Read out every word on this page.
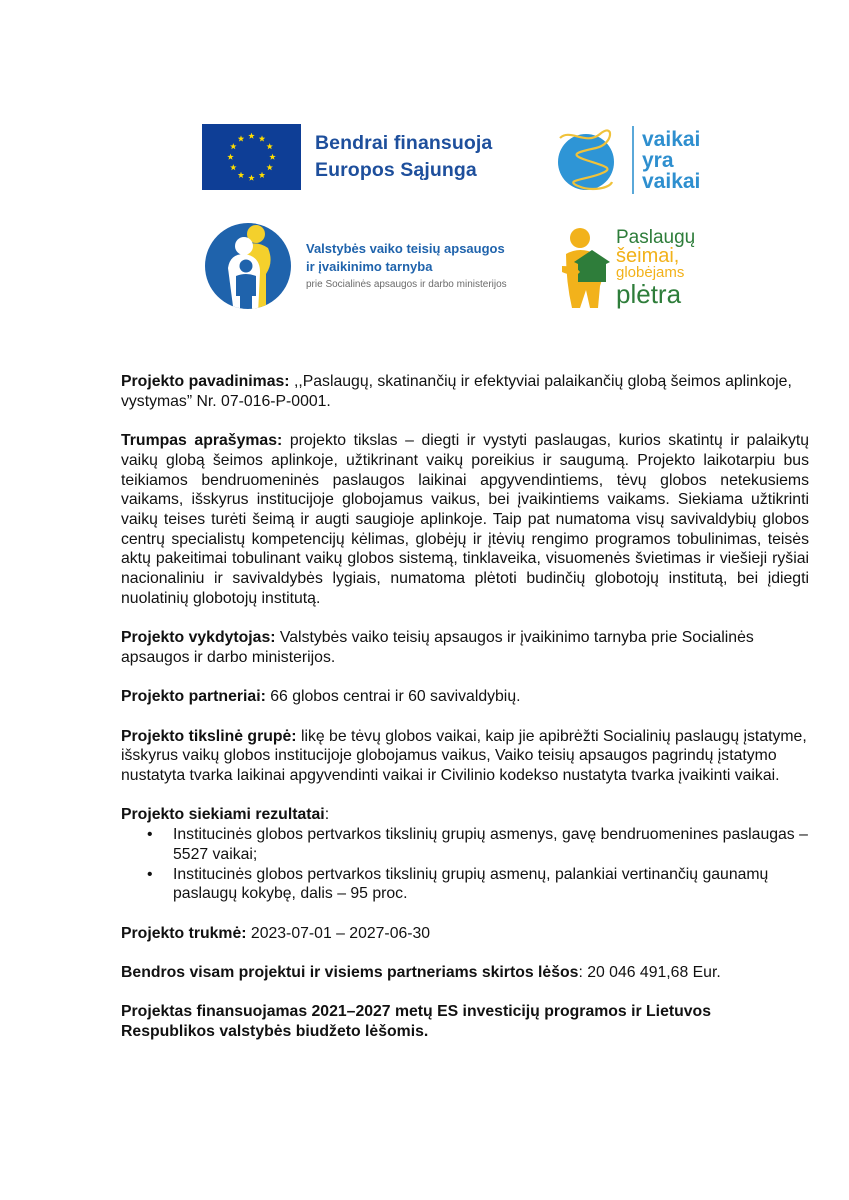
Bendrai finansuoja
Europos Sąjunga
vaikai
yra
vaikai
Valstybės vaiko teisių apsaugos
ir įvaikinimo tarnyba
prie Socialinės apsaugos ir darbo ministerijos
Paslaugų
šeimai,
globėjams
plėtra

Projekto pavadinimas: ,,Paslaugų, skatinančių ir efektyviai palaikančių globą šeimos aplinkoje, vystymas” Nr. 07-016-P-0001.

Trumpas aprašymas: projekto tikslas – diegti ir vystyti paslaugas, kurios skatintų ir palaikytų vaikų globą šeimos aplinkoje, užtikrinant vaikų poreikius ir saugumą. Projekto laikotarpiu bus teikiamos bendruomeninės paslaugos laikinai apgyvendintiems, tėvų globos netekusiems vaikams, išskyrus institucijoje globojamus vaikus, bei įvaikintiems vaikams. Siekiama užtikrinti vaikų teises turėti šeimą ir augti saugioje aplinkoje. Taip pat numatoma visų savivaldybių globos centrų specialistų kompetencijų kėlimas, globėjų ir įtėvių rengimo programos tobulinimas, teisės aktų pakeitimai tobulinant vaikų globos sistemą, tinklaveika, visuomenės švietimas ir viešieji ryšiai nacionaliniu ir savivaldybės lygiais, numatoma plėtoti budinčių globotojų institutą, bei įdiegti nuolatinių globotojų institutą.

Projekto vykdytojas: Valstybės vaiko teisių apsaugos ir įvaikinimo tarnyba prie Socialinės apsaugos ir darbo ministerijos.

Projekto partneriai: 66 globos centrai ir 60 savivaldybių.

Projekto tikslinė grupė: likę be tėvų globos vaikai, kaip jie apibrėžti Socialinių paslaugų įstatyme, išskyrus vaikų globos institucijoje globojamus vaikus, Vaiko teisių apsaugos pagrindų įstatymo nustatyta tvarka laikinai apgyvendinti vaikai ir Civilinio kodekso nustatyta tvarka įvaikinti vaikai.

Projekto siekiami rezultatai:
• Institucinės globos pertvarkos tikslinių grupių asmenys, gavę bendruomenines paslaugas – 5527 vaikai;
• Institucinės globos pertvarkos tikslinių grupių asmenų, palankiai vertinančių gaunamų paslaugų kokybę, dalis – 95 proc.

Projekto trukmė: 2023-07-01 – 2027-06-30

Bendros visam projektui ir visiems partneriams skirtos lėšos: 20 046 491,68 Eur.

Projektas finansuojamas 2021–2027 metų ES investicijų programos ir Lietuvos Respublikos valstybės biudžeto lėšomis.
